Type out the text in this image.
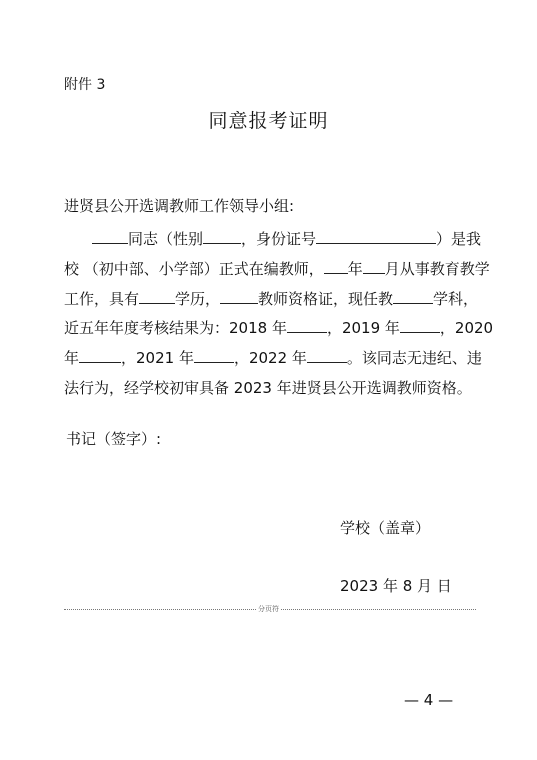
附件 3
同意报考证明
进贤县公开选调教师工作领导小组:
同志（性别	，身份证号	）是我
校 （初中部、小学部）正式在编教师， 年 月从事教育教学
工作，具有 学历，	教师资格证，现任教	学科，
近五年年度考核结果为：2018 年	，2019 年	，2020
年	，2021 年	，2022 年	。该同志无违纪、违
法行为，经学校初审具备 2023 年进贤县公开选调教师资格。
书记（签字）:
学校（盖章）
2023 年 8 月 日
分页符
— 4 —
